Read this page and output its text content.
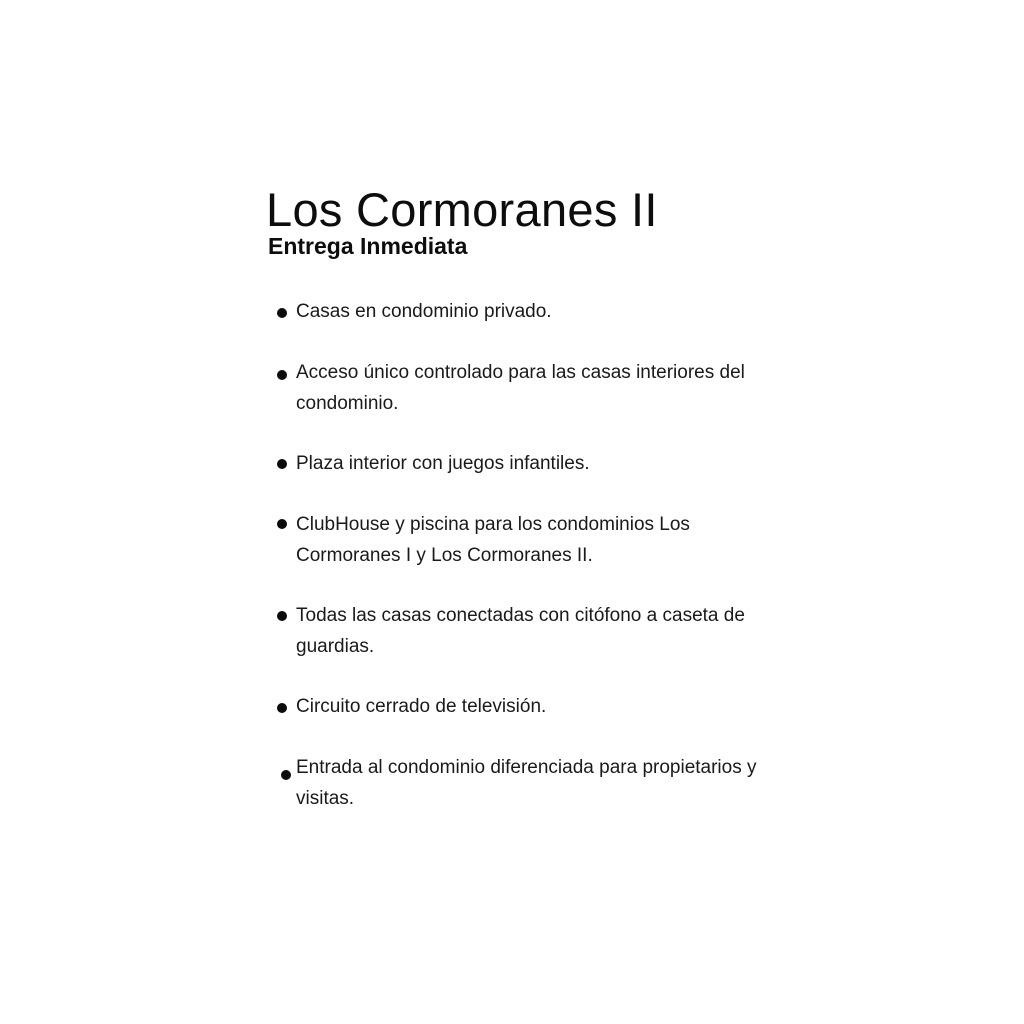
Los Cormoranes II
Entrega Inmediata
Casas en condominio privado.
Acceso único controlado para las casas interiores del condominio.
Plaza interior con juegos infantiles.
ClubHouse y piscina para los condominios Los Cormoranes I y Los Cormoranes II.
Todas las casas conectadas con citófono a caseta de guardias.
Circuito cerrado de televisión.
Entrada al condominio diferenciada para propietarios y visitas.
